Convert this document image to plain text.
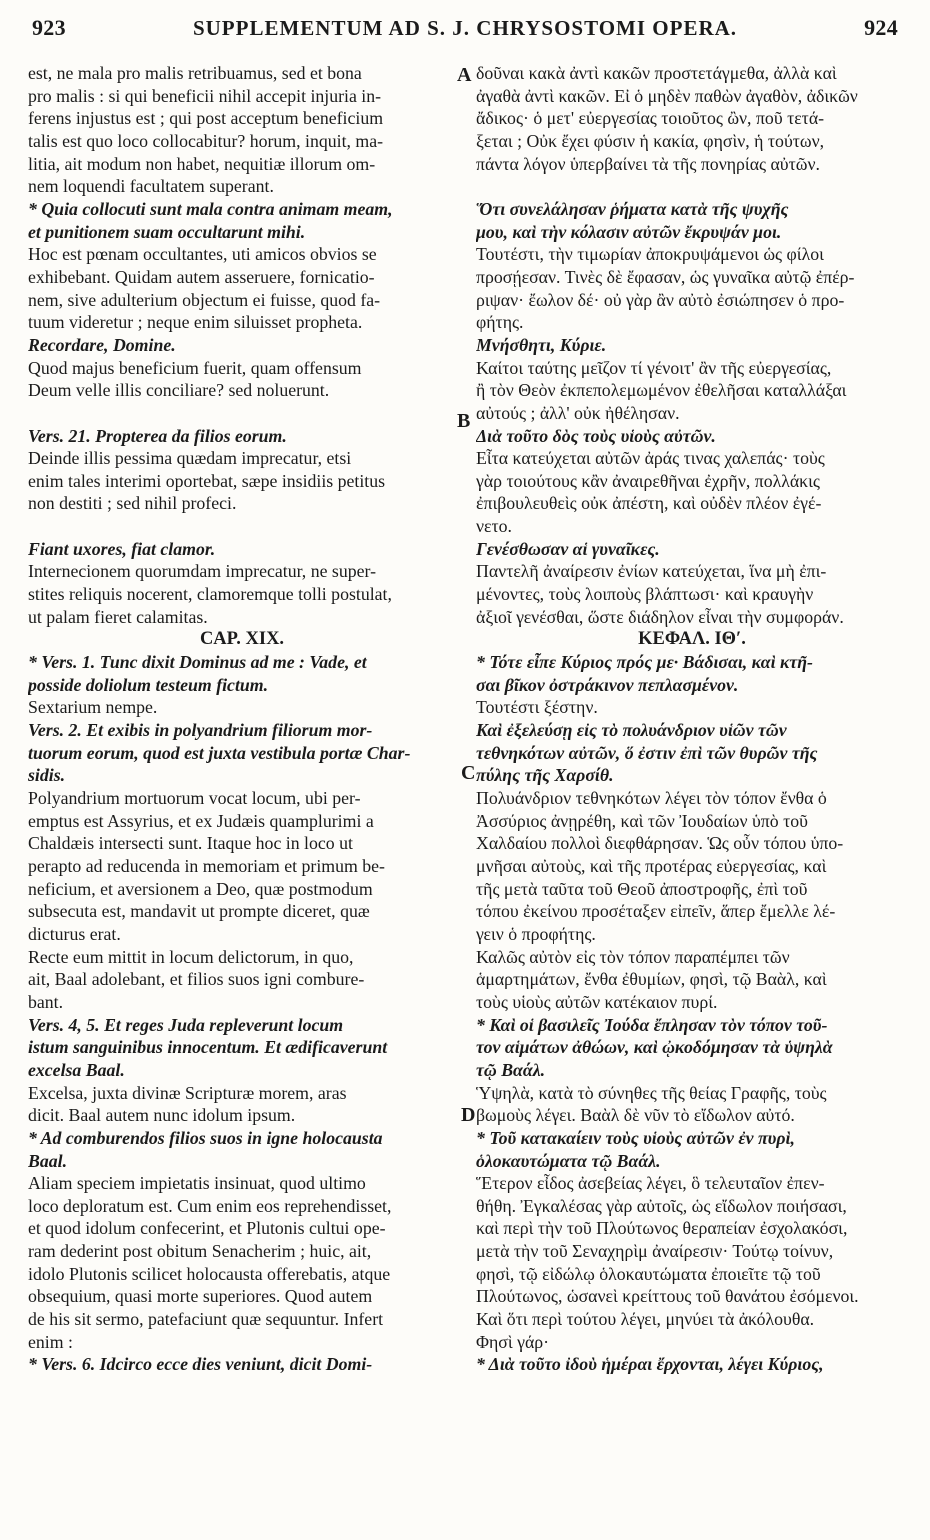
923	SUPPLEMENTUM AD S. J. CHRYSOSTOMI OPERA.	924
est, ne mala pro malis retribuamus, sed et bona
pro malis : si qui beneficii nihil accepit injuria in-
ferens injustus est ; qui post acceptum beneficium
talis est quo loco collocabitur? horum, inquit, ma-
litia, ait modum non habet, nequitiæ illorum om-
nem loquendi facultatem superant.
* Quia collocuti sunt mala contra animam meam,
et punitionem suam occultarunt mihi.
Hoc est pœnam occultantes, uti amicos obvios se
exhibebant. Quidam autem asseruere, fornicatio-
nem, sive adulterium objectum ei fuisse, quod fa-
tuum videretur ; neque enim siluisset propheta.
Recordare, Domine.
Quod majus beneficium fuerit, quam offensum
Deum velle illis conciliare? sed noluerunt.
Vers. 21. Propterea da filios eorum.
Deinde illis pessima quædam imprecatur, etsi
enim tales interimi oportebat, sæpe insidiis petitus
non destiti ; sed nihil profeci.
Fiant uxores, fiat clamor.
Internecionem quorumdam imprecatur, ne super-
stites reliquis nocerent, clamoremque tolli postulat,
ut palam fieret calamitas.
CAP. XIX.
* Vers. 1. Tunc dixit Dominus ad me : Vade, et
posside doliolum testeum fictum.
Sextarium nempe.
Vers. 2. Et exibis in polyandrium filiorum mor-
tuorum eorum, quod est juxta vestibula portæ Char-
sidis.
Polyandrium mortuorum vocat locum, ubi per-
emptus est Assyrius, et ex Judæis quamplurimi a
Chaldæis intersecti sunt. Itaque hoc in loco ut
perapto ad reducenda in memoriam et primum be-
neficium, et aversionem a Deo, quæ postmodum
subsecuta est, mandavit ut prompte diceret, quæ
dicturus erat.
Recte eum mittit in locum delictorum, in quo,
ait, Baal adolebant, et filios suos igni combure-
bant.
Vers. 4, 5. Et reges Juda repleverunt locum
istum sanguinibus innocentum. Et ædificaverunt
excelsa Baal.
Excelsa, juxta divinæ Scripturæ morem, aras
dicit. Baal autem nunc idolum ipsum.
* Ad comburendos filios suos in igne holocausta
Baal.
Aliam speciem impietatis insinuat, quod ultimo
loco deploratum est. Cum enim eos reprehendisset,
et quod idolum confecerint, et Plutonis cultui ope-
ram dederint post obitum Senacherim ; huic, ait,
idolo Plutonis scilicet holocausta offerebatis, atque
obsequium, quasi morte superiores. Quod autem
de his sit sermo, patefaciunt quæ sequuntur. Infert
enim :
* Vers. 6. Idcirco ecce dies veniunt, dicit Domi-
δοῦναι κακὰ ἀντὶ κακῶν προστετάγμεθα, ἀλλὰ καὶ
ἀγαθὰ ἀντὶ κακῶν. Εἰ ὁ μηδὲν παθὼν ἀγαθὸν, ἀδικῶν
ἄδικος· ὁ μετ' εὐεργεσίας τοιοῦτος ὢν, ποῦ τετά-
ξεται ; Οὐκ ἔχει φύσιν ἡ κακία, φησὶν, ἡ τούτων,
πάντα λόγον ὑπερβαίνει τὰ τῆς πονηρίας αὐτῶν.
Ὅτι συνελάλησαν ῥήματα κατὰ τῆς ψυχῆς
μου, καὶ τὴν κόλασιν αὐτῶν ἔκρυψάν μοι.
Τουτέστι, τὴν τιμωρίαν ἀποκρυψάμενοι ὡς φίλοι
προσῄεσαν. Τινὲς δὲ ἔφασαν, ὡς γυναῖκα αὐτῷ ἐπέρ-
ριψαν· ἔωλον δέ· οὐ γὰρ ἂν αὐτὸ ἐσιώπησεν ὁ προ-
φήτης.
Μνήσθητι, Κύριε.
Καίτοι ταύτης μεῖζον τί γένοιτ' ἂν τῆς εὐεργεσίας,
ἢ τὸν Θεὸν ἐκπεπολεμωμένον ἐθελῆσαι καταλλάξαι
αὐτούς ; ἀλλ' οὐκ ἠθέλησαν.
Διὰ τοῦτο δὸς τοὺς υἱοὺς αὐτῶν.
Εἶτα κατεύχεται αὐτῶν ἀράς τινας χαλεπάς· τοὺς
γὰρ τοιούτους κἂν ἀναιρεθῆναι ἐχρῆν, πολλάκις
ἐπιβουλευθεὶς οὐκ ἀπέστη, καὶ οὐδὲν πλέον ἐγέ-
νετο.
Γενέσθωσαν αἱ γυναῖκες.
Παντελῆ ἀναίρεσιν ἐνίων κατεύχεται, ἵνα μὴ ἐπι-
μένοντες, τοὺς λοιποὺς βλάπτωσι· καὶ κραυγὴν
ἀξιοῖ γενέσθαι, ὥστε διάδηλον εἶναι τὴν συμφοράν.
ΚΕΦΑΛ. ΙΘʹ.
* Τότε εἶπε Κύριος πρός με· Βάδισαι, καὶ κτῆ-
σαι βῖκον ὀστράκινον πεπλασμένον.
Τουτέστι ξέστην.
Καὶ ἐξελεύσῃ εἰς τὸ πολυάνδριον υἱῶν τῶν
τεθνηκότων αὐτῶν, ὅ ἐστιν ἐπὶ τῶν θυρῶν τῆς
πύλης τῆς Χαρσίθ.
Πολυάνδριον τεθνηκότων λέγει τὸν τόπον ἔνθα ὁ
Ἀσσύριος ἀνῃρέθη, καὶ τῶν Ἰουδαίων ὑπὸ τοῦ
Χαλδαίου πολλοὶ διεφθάρησαν. Ὡς οὖν τόπου ὑπο-
μνῆσαι αὐτοὺς, καὶ τῆς προτέρας εὐεργεσίας, καὶ
τῆς μετὰ ταῦτα τοῦ Θεοῦ ἀποστροφῆς, ἐπὶ τοῦ
τόπου ἐκείνου προσέταξεν εἰπεῖν, ἅπερ ἔμελλε λέ-
γειν ὁ προφήτης.
Καλῶς αὐτὸν εἰς τὸν τόπον παραπέμπει τῶν
ἁμαρτημάτων, ἔνθα ἐθυμίων, φησὶ, τῷ Βαὰλ, καὶ
τοὺς υἱοὺς αὐτῶν κατέκαιον πυρί.
* Καὶ οἱ βασιλεῖς Ἰούδα ἔπλησαν τὸν τόπον τοῦ-
τον αἱμάτων ἀθώων, καὶ ᾠκοδόμησαν τὰ ὑψηλὰ
τῷ Βαάλ.
Ὑψηλὰ, κατὰ τὸ σύνηθες τῆς θείας Γραφῆς, τοὺς
βωμοὺς λέγει. Βαὰλ δὲ νῦν τὸ εἴδωλον αὐτό.
* Τοῦ κατακαίειν τοὺς υἱοὺς αὐτῶν ἐν πυρὶ,
ὁλοκαυτώματα τῷ Βαάλ.
Ἕτερον εἶδος ἀσεβείας λέγει, ὃ τελευταῖον ἐπεν-
θήθη. Ἐγκαλέσας γὰρ αὐτοῖς, ὡς εἴδωλον ποιήσασι,
καὶ περὶ τὴν τοῦ Πλούτωνος θεραπείαν ἐσχολακόσι,
μετὰ τὴν τοῦ Σεναχηρὶμ ἀναίρεσιν· Τούτῳ τοίνυν,
φησὶ, τῷ εἰδώλῳ ὁλοκαυτώματα ἐποιεῖτε τῷ τοῦ
Πλούτωνος, ὡσανεὶ κρείττους τοῦ θανάτου ἐσόμενοι.
Καὶ ὅτι περὶ τούτου λέγει, μηνύει τὰ ἀκόλουθα.
Φησὶ γάρ·
* Διὰ τοῦτο ἰδοὺ ἡμέραι ἔρχονται, λέγει Κύριος,
A
B
C
D
